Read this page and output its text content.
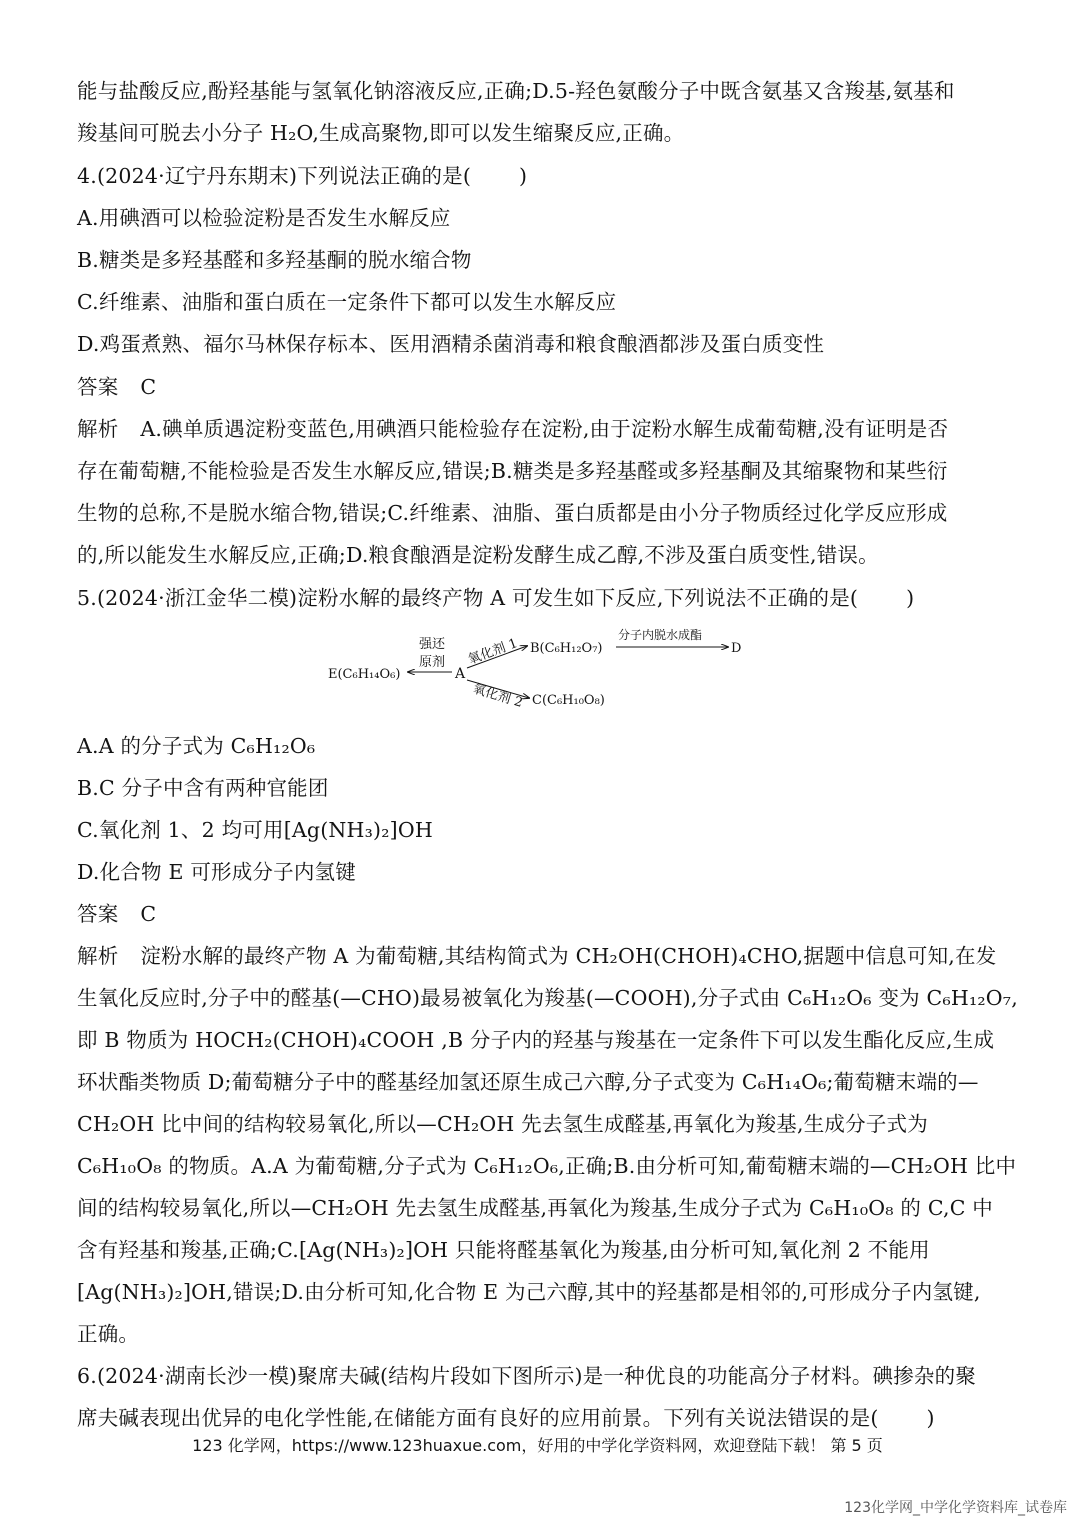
能与盐酸反应,酚羟基能与氢氧化钠溶液反应,正确;D.5-羟色氨酸分子中既含氨基又含羧基,氨基和
羧基间可脱去小分子 H₂O,生成高聚物,即可以发生缩聚反应,正确。
4.(2024·辽宁丹东期末)下列说法正确的是( )
A.用碘酒可以检验淀粉是否发生水解反应
B.糖类是多羟基醛和多羟基酮的脱水缩合物
C.纤维素、油脂和蛋白质在一定条件下都可以发生水解反应
D.鸡蛋煮熟、福尔马林保存标本、医用酒精杀菌消毒和粮食酿酒都涉及蛋白质变性
答案 C
解析 A.碘单质遇淀粉变蓝色,用碘酒只能检验存在淀粉,由于淀粉水解生成葡萄糖,没有证明是否
存在葡萄糖,不能检验是否发生水解反应,错误;B.糖类是多羟基醛或多羟基酮及其缩聚物和某些衍
生物的总称,不是脱水缩合物,错误;C.纤维素、油脂、蛋白质都是由小分子物质经过化学反应形成
的,所以能发生水解反应,正确;D.粮食酿酒是淀粉发酵生成乙醇,不涉及蛋白质变性,错误。
5.(2024·浙江金华二模)淀粉水解的最终产物 A 可发生如下反应,下列说法不正确的是( )
E(C₆H₁₄O₆)
强还
原剂
A
氧化剂 1 B(C₆H₁₂O₇)
分子内脱水成酯
D
氧化剂 2 C(C₆H₁₀O₈)
A.A 的分子式为 C₆H₁₂O₆
B.C 分子中含有两种官能团
C.氧化剂 1、2 均可用[Ag(NH₃)₂]OH
D.化合物 E 可形成分子内氢键
答案 C
解析 淀粉水解的最终产物 A 为葡萄糖,其结构简式为 CH₂OH(CHOH)₄CHO,据题中信息可知,在发
生氧化反应时,分子中的醛基(—CHO)最易被氧化为羧基(—COOH),分子式由 C₆H₁₂O₆ 变为 C₆H₁₂O₇,
即 B 物质为 HOCH₂(CHOH)₄COOH ,B 分子内的羟基与羧基在一定条件下可以发生酯化反应,生成
环状酯类物质 D;葡萄糖分子中的醛基经加氢还原生成己六醇,分子式变为 C₆H₁₄O₆;葡萄糖末端的—
CH₂OH 比中间的结构较易氧化,所以—CH₂OH 先去氢生成醛基,再氧化为羧基,生成分子式为
C₆H₁₀O₈ 的物质。A.A 为葡萄糖,分子式为 C₆H₁₂O₆,正确;B.由分析可知,葡萄糖末端的—CH₂OH 比中
间的结构较易氧化,所以—CH₂OH 先去氢生成醛基,再氧化为羧基,生成分子式为 C₆H₁₀O₈ 的 C,C 中
含有羟基和羧基,正确;C.[Ag(NH₃)₂]OH 只能将醛基氧化为羧基,由分析可知,氧化剂 2 不能用
[Ag(NH₃)₂]OH,错误;D.由分析可知,化合物 E 为己六醇,其中的羟基都是相邻的,可形成分子内氢键,
正确。
6.(2024·湖南长沙一模)聚席夫碱(结构片段如下图所示)是一种优良的功能高分子材料。碘掺杂的聚
席夫碱表现出优异的电化学性能,在储能方面有良好的应用前景。下列有关说法错误的是( )
123 化学网，https://www.123huaxue.com，好用的中学化学资料网，欢迎登陆下载！ 第 5 页
123化学网_中学化学资料库_试卷库
